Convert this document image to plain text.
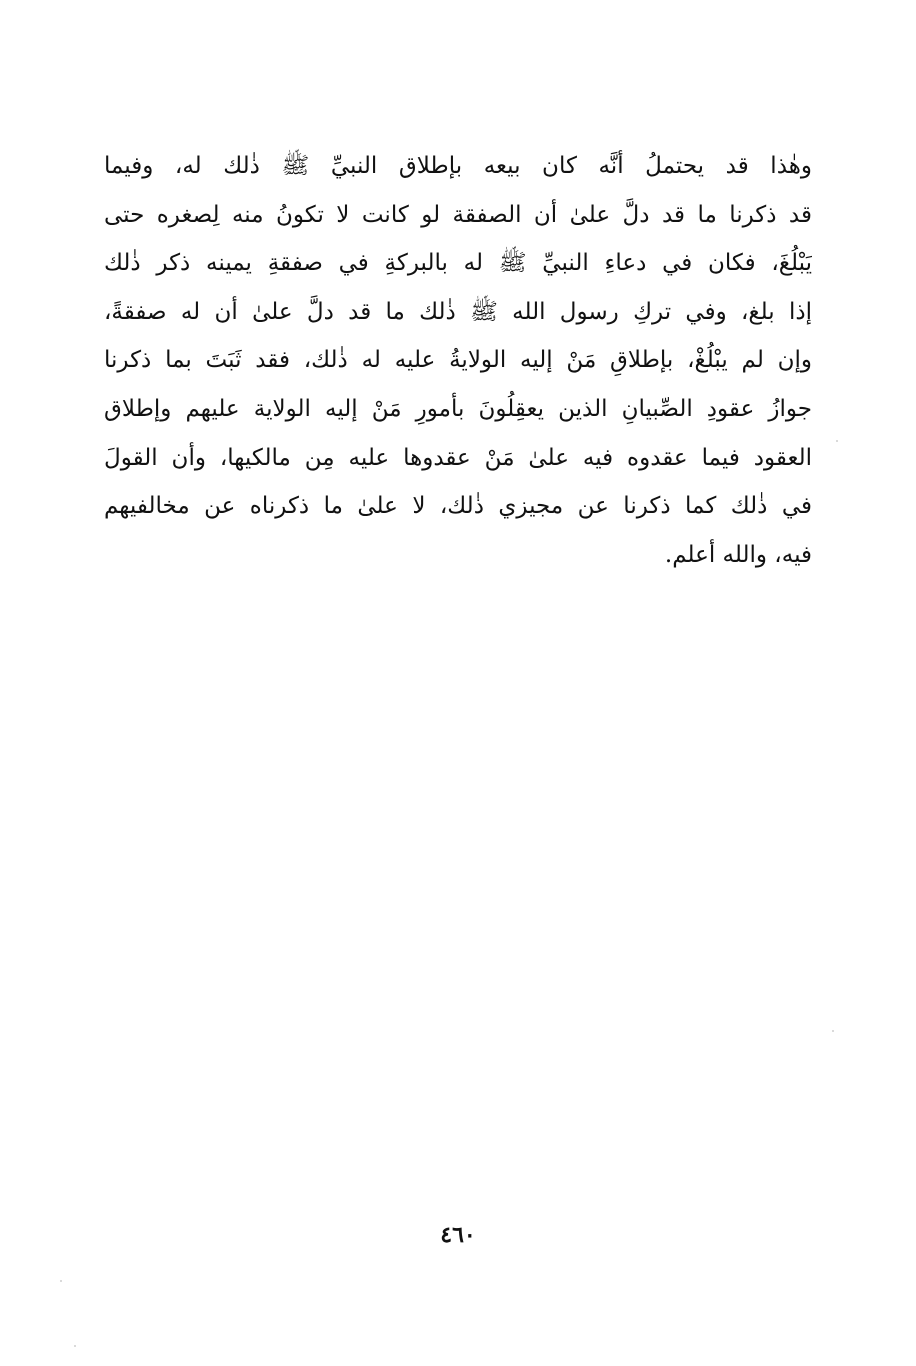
وهٰذا قد يحتملُ أنَّه كان بيعه بإطلاق النبيِّ ﷺ ذٰلك له، وفيما
قد ذكرنا ما قد دلَّ علىٰ أن الصفقة لو كانت لا تكونُ منه لِصغره حتى
يَبْلُغَ، فكان في دعاءِ النبيِّ ﷺ له بالبركةِ في صفقةِ يمينه ذكر ذٰلك
إذا بلغ، وفي تركِ رسول الله ﷺ ذٰلك ما قد دلَّ علىٰ أن له صفقةً،
وإن لم يبْلُغْ، بإطلاقِ مَنْ إليه الولايةُ عليه له ذٰلك، فقد ثَبَتَ بما ذكرنا
جوازُ عقودِ الصِّبيانِ الذين يعقِلُونَ بأمورِ مَنْ إليه الولاية عليهم وإطلاق
العقود فيما عقدوه فيه علىٰ مَنْ عقدوها عليه مِن مالكيها، وأن القولَ
في ذٰلك كما ذكرنا عن مجيزي ذٰلك، لا علىٰ ما ذكرناه عن مخالفيهم
فيه، والله أعلم.
٤٦٠
